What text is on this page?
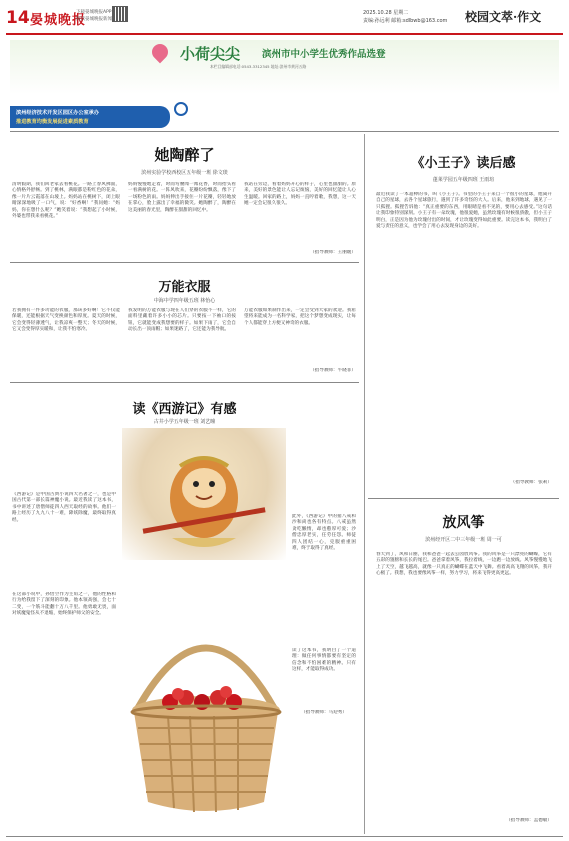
14 晏城晚报
下载晏城晚报APP
阅读晏城晚报新闻
2025.10.28 星期二
责编:孙远利 邮箱:sdlbwb@163.com 校园文萃·作文
小荷尖尖 滨州市中小学生优秀作品选登
本栏目编辑部电话:0543-3312345 地址:滨州市黄河五路
滨州经济技术开发区园区办公室承办
推进教育均衡发展促进素质教育
她陶醉了
滨州实验学校西校区五年级一班 徐文琰
清明假期，我们回老家去看桃花。一路上春风拂面，心情格外舒畅。到了桃林，满眼都是粉红色的花朵，像一片片云霞落在山坡上。妈妈站在桃树下，闭上眼睛深深地吸了一口气，说：“好香啊！”我问她：“妈妈，你在想什么呢？”她笑着说：“我想起了小时候，外婆也带我来看桃花。”
妈妈慢慢地走着，时而弯腰闻一闻花香，时而抬头看一看满树的花。一阵风吹来，花瓣纷纷飘落，像下了一场粉色的雨。妈妈伸出手接住一片花瓣，轻轻地放在掌心，脸上露出了幸福的微笑。她陶醉了，陶醉在这美丽的春光里，陶醉在甜甜的回忆中。
我站在旁边，看着妈妈开心的样子，心里也甜甜的。原来，美好的景色能让人忘记烦恼，美好的回忆能让人心生温暖。回家的路上，妈妈一直哼着歌，我想，这一天她一定会记很久很久。
（指导教师：王丽媛）
万能衣服
中海中学四年级五班 林怡心
若我拥有一件多功能的衣服，那该多好啊！它不仅能保暖，还能根据天气变换颜色和厚度。夏天的时候，它会变得轻薄透气，让我凉爽一整天；冬天的时候，它又会变得厚实暖和，让我不怕寒冷。
我发明的万能衣服与现在人们穿的衣服不一样，它的面料里藏着许多小小的芯片。只要按一下袖口的按钮，它就能变成我想要的样子。如果下雨了，它会自动长出一顶雨帽；如果迷路了，它还能为我导航。
万能衣服如果制作出来，一定会受到大家的欢迎。我希望将来能成为一名科学家，把这个梦想变成现实，让每个人都能穿上方便又神奇的衣服。
（指导教师：牛晓菲）
读《西游记》有感
古井小学五年级一班 刘艺曈
《西游记》是中国古典小说四大名著之一，也是中国古代第一部长篇神魔小说。最近我读了这本书，书中讲述了唐僧师徒四人西天取经的故事。他们一路上经历了九九八十一难，降妖除魔，最终取得真经。
在这部小说中，孙悟空作为主角之一，他的性格和行为给我留下了深刻的印象。他本领高强，会七十二变，一个筋斗能翻十万八千里。他勇敢无畏，面对妖魔鬼怪从不退缩，始终保护师父的安全。
此外，《西游记》中的猪八戒和沙和尚也各有特点。八戒虽然贪吃懒惰，却也憨厚可爱；沙僧忠厚老实，任劳任怨。师徒四人团结一心，克服重重困难，终于取得了真经。
读了这本书，我明白了一个道理：做任何事情都要有坚定的信念和不怕困难的精神。只有这样，才能取得成功。
（指导教师：马迎秀）
《小王子》读后感
蓬莱学园五年级四班 王雨瑄
最近我读了一本超棒的书，叫《小王子》。书里的小王子来自一个很小的星球，他离开自己的星球，去各个星球旅行，遇到了许多奇怪的大人。后来，他来到地球，遇见了一只狐狸。狐狸告诉他：“真正重要的东西，用眼睛是看不见的，要用心去感受。”这句话让我印象特别深刻。小王子有一朵玫瑰，他很爱她，虽然玫瑰有时候很骄傲，但小王子明白，正是因为他为玫瑰付出的时间，才让玫瑰变得如此重要。读完这本书，我明白了爱与责任的意义，也学会了用心去发现身边的美好。
（指导教师：张莉）
放风筝
滨州经开区二中三年级一班 周一可
春天到了，风和日丽，我和爸爸一起去公园放风筝。我的风筝是一只漂亮的蝴蝶，它有五彩的翅膀和长长的尾巴。爸爸拿着风筝，我拉着线，一边跑一边放线。风筝慢慢地飞上了天空，越飞越高，就像一只真正的蝴蝶在蓝天中飞舞。看着高高飞翔的风筝，我开心极了。我想，我也要像风筝一样，努力学习，将来飞得更高更远。
（指导教师：孟德敏）
